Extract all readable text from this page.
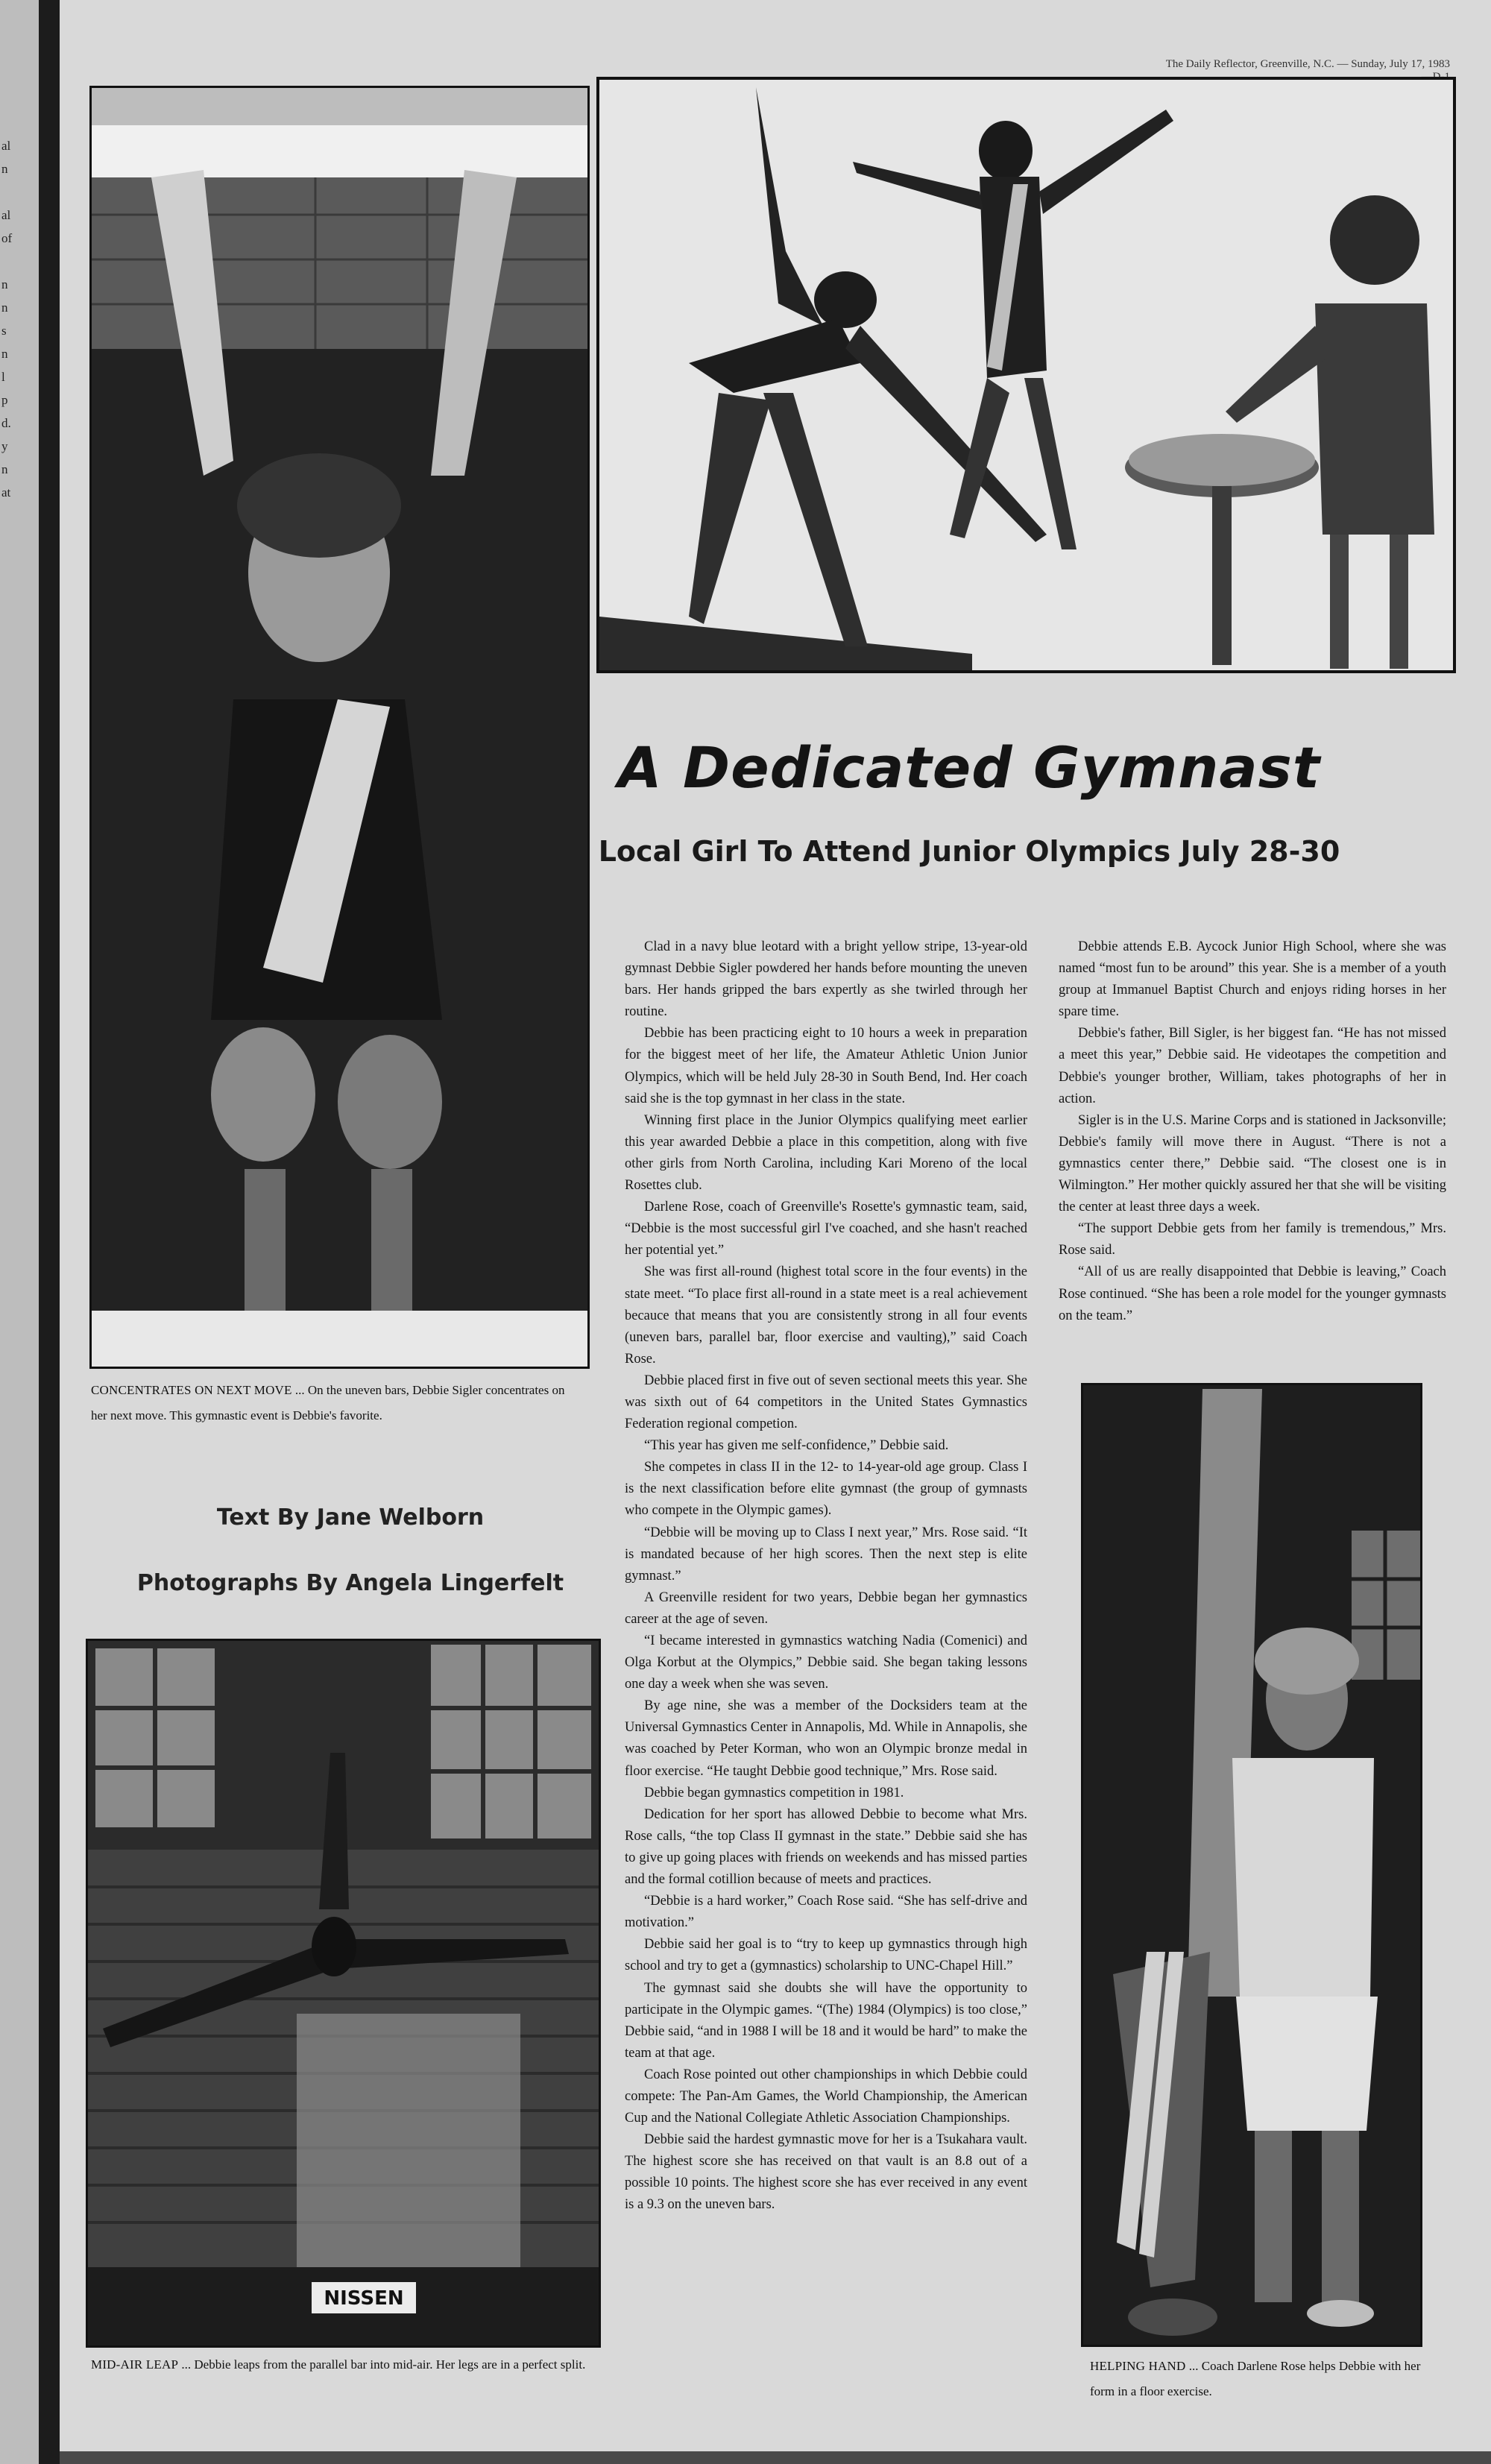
al
n
al
of
n
n
s
n
l
p
d.
y
n
at
The Daily Reflector, Greenville, N.C. — Sunday, July 17, 1983
CONCENTRATES ON NEXT MOVE ... On the uneven bars, Debbie Sigler concentrates on her next move. This gymnastic event is Debbie's favorite.
Text By Jane Welborn
Photographs By Angela Lingerfelt
NISSEN
MID-AIR LEAP ... Debbie leaps from the parallel bar into mid-air. Her legs are in a perfect split.
A Dedicated Gymnast
Local Girl To Attend Junior Olympics July 28-30

Clad in a navy blue leotard with a bright yellow stripe, 13-year-old gymnast Debbie Sigler powdered her hands before mounting the uneven bars. Her hands gripped the bars expertly as she twirled through her routine.

Debbie has been practicing eight to 10 hours a week in preparation for the biggest meet of her life, the Amateur Athletic Union Junior Olympics, which will be held July 28-30 in South Bend, Ind. Her coach said she is the top gymnast in her class in the state.

Winning first place in the Junior Olympics qualifying meet earlier this year awarded Debbie a place in this competition, along with five other girls from North Carolina, including Kari Moreno of the local Rosettes club.

Darlene Rose, coach of Greenville's Rosette's gymnastic team, said, “Debbie is the most successful girl I've coached, and she hasn't reached her potential yet.”

She was first all-round (highest total score in the four events) in the state meet. “To place first all-round in a state meet is a real achievement becauce that means that you are consistently strong in all four events (uneven bars, parallel bar, floor exercise and vaulting),” said Coach Rose.

Debbie placed first in five out of seven sectional meets this year. She was sixth out of 64 competitors in the United States Gymnastics Federation regional competion.

“This year has given me self-confidence,” Debbie said.

She competes in class II in the 12- to 14-year-old age group. Class I is the next classification before elite gymnast (the group of gymnasts who compete in the Olympic games).

“Debbie will be moving up to Class I next year,” Mrs. Rose said. “It is mandated because of her high scores. Then the next step is elite gymnast.”

A Greenville resident for two years, Debbie began her gymnastics career at the age of seven.

“I became interested in gymnastics watching Nadia (Comenici) and Olga Korbut at the Olympics,” Debbie said. She began taking lessons one day a week when she was seven.

By age nine, she was a member of the Docksiders team at the Universal Gymnastics Center in Annapolis, Md. While in Annapolis, she was coached by Peter Korman, who won an Olympic bronze medal in floor exercise. “He taught Debbie good technique,” Mrs. Rose said.

Debbie began gymnastics competition in 1981.

Dedication for her sport has allowed Debbie to become what Mrs. Rose calls, “the top Class II gymnast in the state.” Debbie said she has to give up going places with friends on weekends and has missed parties and the formal cotillion because of meets and practices.

“Debbie is a hard worker,” Coach Rose said. “She has self-drive and motivation.”

Debbie said her goal is to “try to keep up gymnastics through high school and try to get a (gymnastics) scholarship to UNC-Chapel Hill.”

The gymnast said she doubts she will have the opportunity to participate in the Olympic games. “(The) 1984 (Olympics) is too close,” Debbie said, “and in 1988 I will be 18 and it would be hard” to make the team at that age.

Coach Rose pointed out other championships in which Debbie could compete: The Pan-Am Games, the World Championship, the American Cup and the National Collegiate Athletic Association Championships.

Debbie said the hardest gymnastic move for her is a Tsukahara vault. The highest score she has received on that vault is an 8.8 out of a possible 10 points. The highest score she has ever received in any event is a 9.3 on the uneven bars.

Debbie attends E.B. Aycock Junior High School, where she was named “most fun to be around” this year. She is a member of a youth group at Immanuel Baptist Church and enjoys riding horses in her spare time.

Debbie's father, Bill Sigler, is her biggest fan. “He has not missed a meet this year,” Debbie said. He videotapes the competition and Debbie's younger brother, William, takes photographs of her in action.

Sigler is in the U.S. Marine Corps and is stationed in Jacksonville; Debbie's family will move there in August. “There is not a gymnastics center there,” Debbie said. “The closest one is in Wilmington.” Her mother quickly assured her that she will be visiting the center at least three days a week.

“The support Debbie gets from her family is tremendous,” Mrs. Rose said.

“All of us are really disappointed that Debbie is leaving,” Coach Rose continued. “She has been a role model for the younger gymnasts on the team.”

HELPING HAND ... Coach Darlene Rose helps Debbie with her form in a floor exercise.
